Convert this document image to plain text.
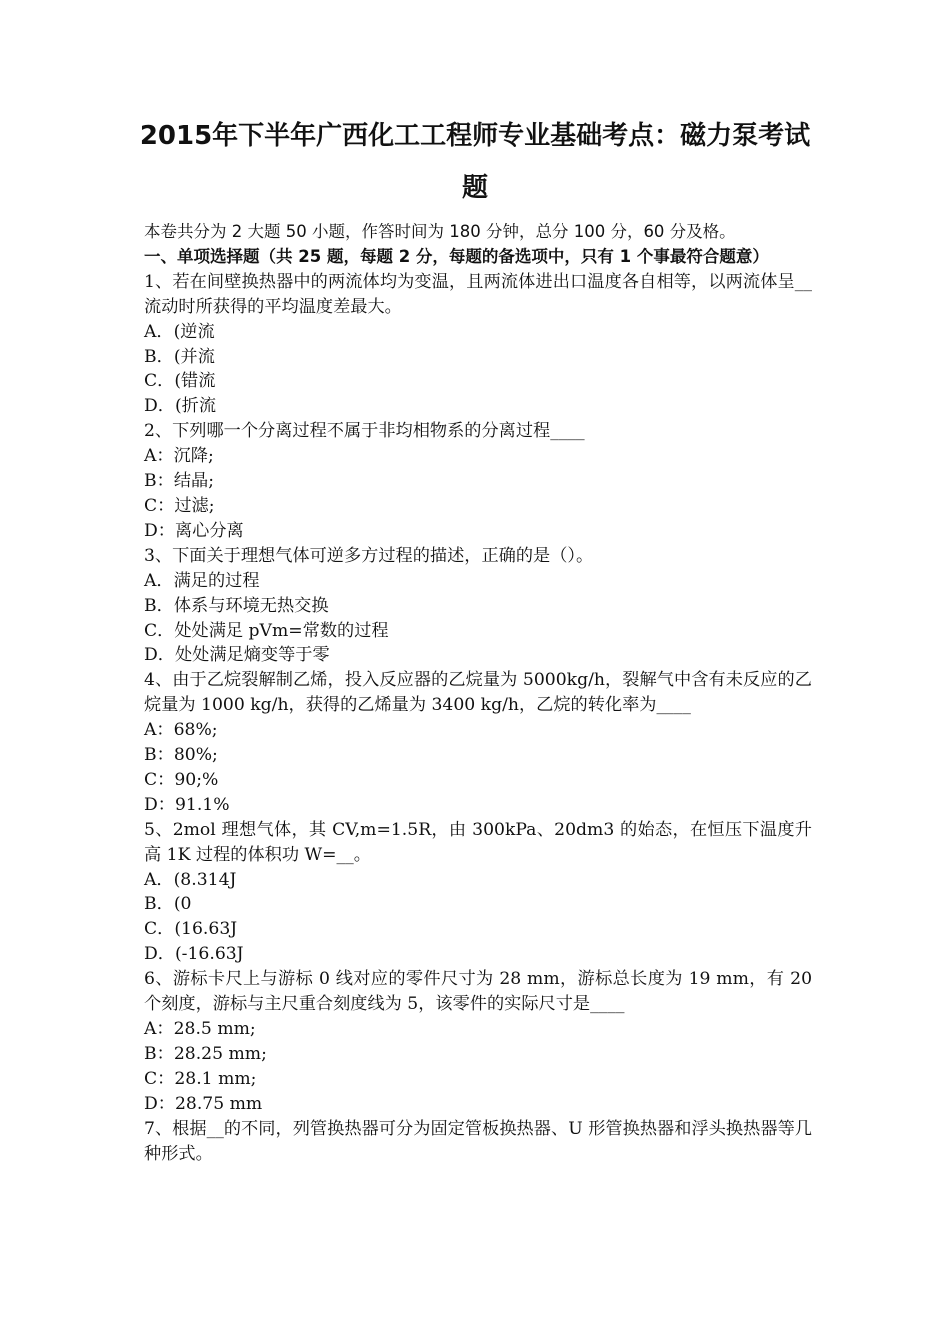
2015年下半年广西化工工程师专业基础考点：磁力泵考试题

本卷共分为 2 大题 50 小题，作答时间为 180 分钟，总分 100 分，60 分及格。

一、单项选择题（共 25 题，每题 2 分，每题的备选项中，只有 1 个事最符合题意）

1、若在间壁换热器中的两流体均为变温，且两流体进出口温度各自相等，以两流体呈__流动时所获得的平均温度差最大。

A．(逆流

B．(并流

C．(错流

D．(折流

2、下列哪一个分离过程不属于非均相物系的分离过程____

A：沉降;

B：结晶;

C：过滤;

D：离心分离

3、下面关于理想气体可逆多方过程的描述，正确的是（）。

A．满足的过程

B．体系与环境无热交换

C．处处满足 pVm=常数的过程

D．处处满足熵变等于零

4、由于乙烷裂解制乙烯，投入反应器的乙烷量为 5000kg/h，裂解气中含有未反应的乙烷量为 1000 kg/h，获得的乙烯量为 3400 kg/h，乙烷的转化率为____

A：68%;

B：80%;

C：90;%

D：91.1%

5、2mol 理想气体，其 CV,m=1.5R，由 300kPa、20dm3 的始态，在恒压下温度升高 1K 过程的体积功 W=__。

A．(8.314J

B．(0

C．(16.63J

D．(-16.63J

6、游标卡尺上与游标 0 线对应的零件尺寸为 28 mm，游标总长度为 19 mm，有 20 个刻度，游标与主尺重合刻度线为 5，该零件的实际尺寸是____

A：28.5 mm;

B：28.25 mm;

C：28.1 mm;

D：28.75 mm

7、根据__的不同，列管换热器可分为固定管板换热器、U 形管换热器和浮头换热器等几种形式。
